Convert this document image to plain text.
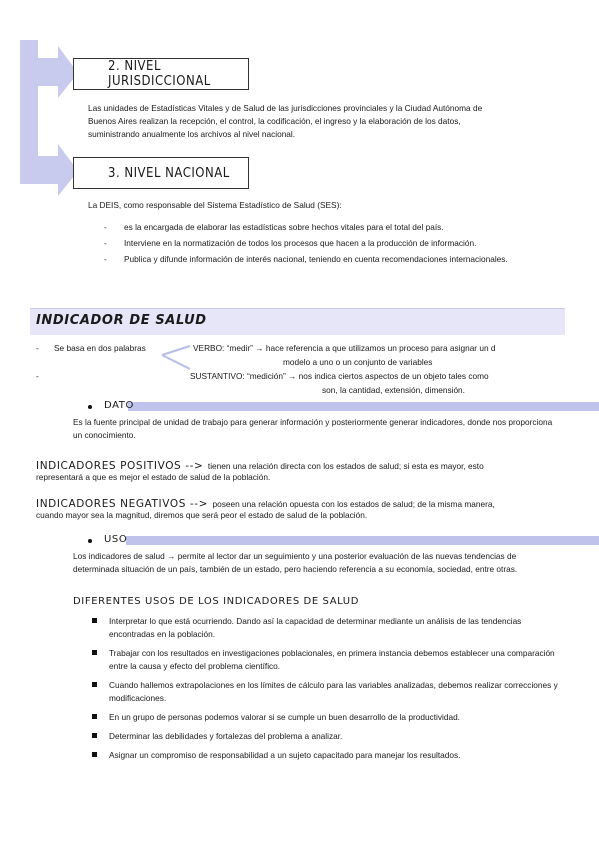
2. NIVEL JURISDICCIONAL
Las unidades de Estadísticas Vitales y de Salud de las jurisdicciones provinciales y la Ciudad Autónoma de Buenos Aires realizan la recepción, el control, la codificación, el ingreso y la elaboración de los datos, suministrando anualmente los archivos al nivel nacional.
3. NIVEL NACIONAL
La DEIS, como responsable del Sistema Estadístico de Salud (SES):
- es la encargada de elaborar las estadísticas sobre hechos vitales para el total del país.
- Interviene en la normatización de todos los procesos que hacen a la producción de información.
- Publica y difunde información de interés nacional, teniendo en cuenta recomendaciones internacionales.
INDICADOR DE SALUD
- Se basa en dos palabras	VERBO: “medir” → hace referencia a que utilizamos un proceso para asignar un d
modelo a uno o un conjunto de variables
-	SUSTANTIVO: “medición” → nos indica ciertos aspectos de un objeto tales como
son, la cantidad, extensión, dimensión.
DATO
Es la fuente principal de unidad de trabajo para generar información y posteriormente generar indicadores, donde nos proporciona un conocimiento.
INDICADORES POSITIVOS --> tienen una relación directa con los estados de salud; si esta es mayor, esto
representará a que es mejor el estado de salud de la población.
INDICADORES NEGATIVOS --> poseen una relación opuesta con los estados de salud; de la misma manera,
cuando mayor sea la magnitud, diremos que será peor el estado de salud de la población.
USO
Los indicadores de salud → permite al lector dar un seguimiento y una posterior evaluación de las nuevas tendencias de determinada situación de un país, también de un estado, pero haciendo referencia a su economía, sociedad, entre otras.
DIFERENTES USOS DE LOS INDICADORES DE SALUD
Interpretar lo que está ocurriendo. Dando así la capacidad de determinar mediante un análisis de las tendencias encontradas en la población.
Trabajar con los resultados en investigaciones poblacionales, en primera instancia debemos establecer una comparación entre la causa y efecto del problema científico.
Cuando hallemos extrapolaciones en los límites de cálculo para las variables analizadas, debemos realizar correcciones y modificaciones.
En un grupo de personas podemos valorar si se cumple un buen desarrollo de la productividad.
Determinar las debilidades y fortalezas del problema a analizar.
Asignar un compromiso de responsabilidad a un sujeto capacitado para manejar los resultados.
